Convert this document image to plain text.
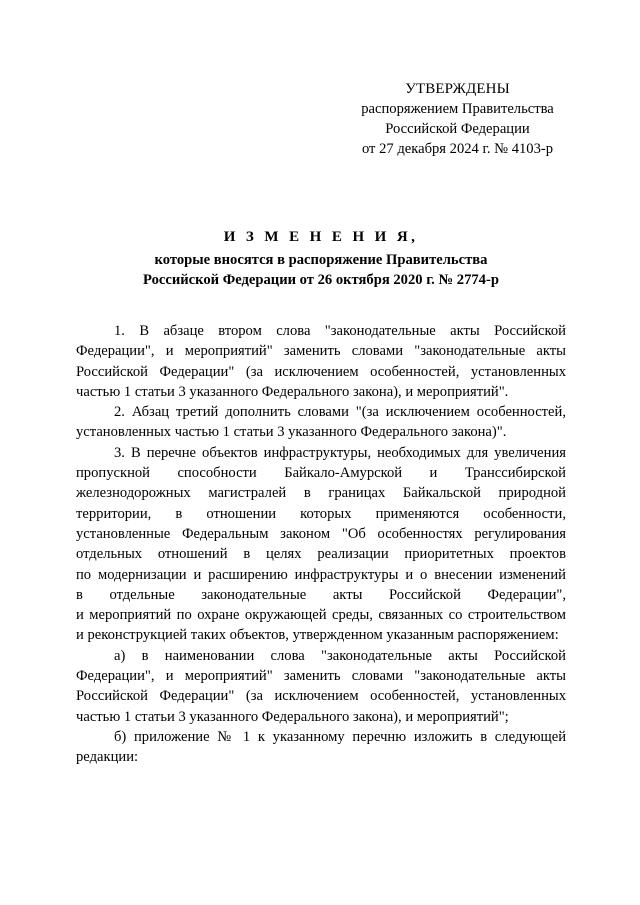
УТВЕРЖДЕНЫ
распоряжением Правительства
Российской Федерации
от 27 декабря 2024 г. № 4103-р
И З М Е Н Е Н И Я,
которые вносятся в распоряжение Правительства
Российской Федерации от 26 октября 2020 г. № 2774-р
1. В абзаце втором слова "законодательные акты Российской
Федерации", и мероприятий" заменить словами "законодательные акты
Российской Федерации" (за исключением особенностей, установленных
частью 1 статьи 3 указанного Федерального закона), и мероприятий".
2. Абзац третий дополнить словами "(за исключением особенностей,
установленных частью 1 статьи 3 указанного Федерального закона)".
3. В перечне объектов инфраструктуры, необходимых для увеличения
пропускной способности Байкало-Амурской и Транссибирской
железнодорожных магистралей в границах Байкальской природной
территории, в отношении которых применяются особенности,
установленные Федеральным законом "Об особенностях регулирования
отдельных отношений в целях реализации приоритетных проектов
по модернизации и расширению инфраструктуры и о внесении изменений
в отдельные законодательные акты Российской Федерации",
и мероприятий по охране окружающей среды, связанных со строительством
и реконструкцией таких объектов, утвержденном указанным распоряжением:
а) в наименовании слова "законодательные акты Российской
Федерации", и мероприятий" заменить словами "законодательные акты
Российской Федерации" (за исключением особенностей, установленных
частью 1 статьи 3 указанного Федерального закона), и мероприятий";
б) приложение № 1 к указанному перечню изложить в следующей
редакции:
